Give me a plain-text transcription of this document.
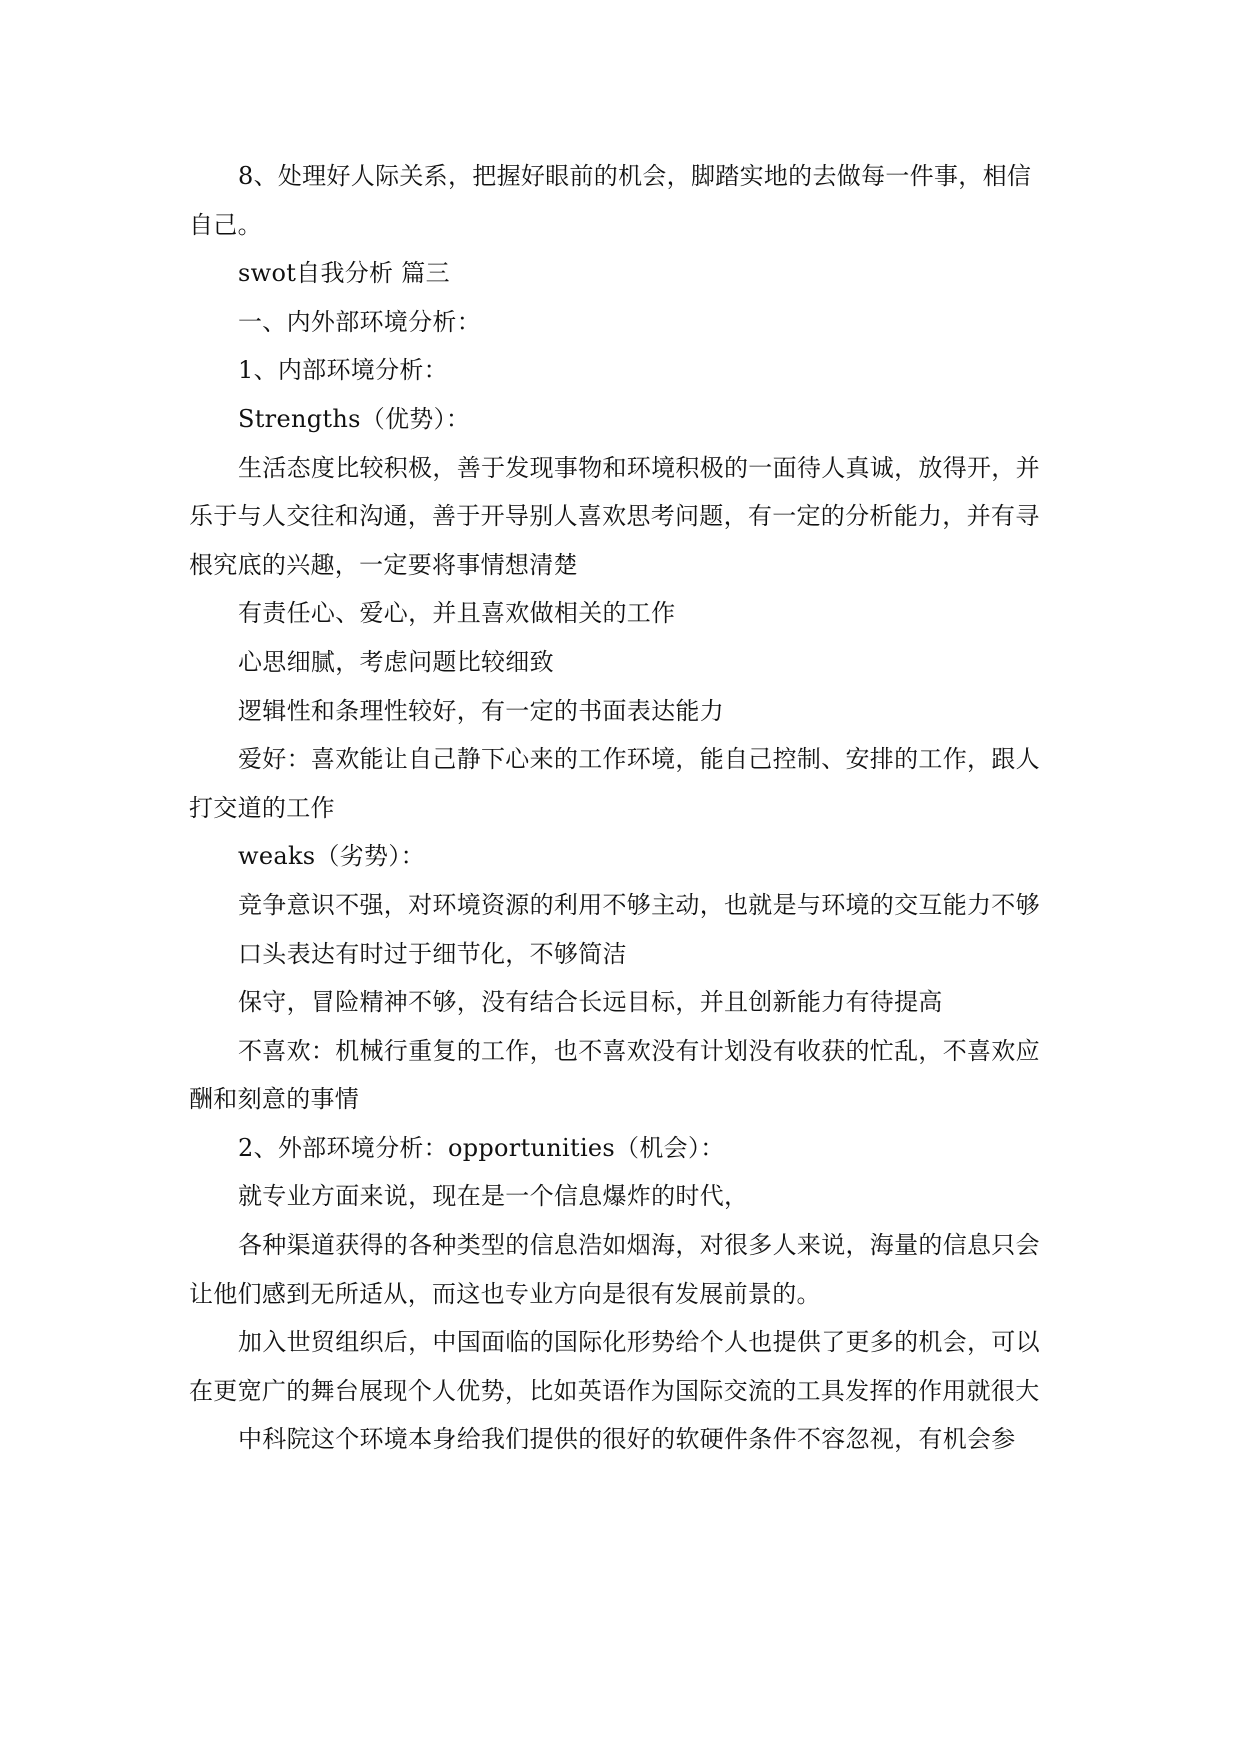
8、处理好人际关系，把握好眼前的机会，脚踏实地的去做每一件事，相信自己。

swot自我分析 篇三

一、内外部环境分析：

1、内部环境分析：

Strengths（优势）：

生活态度比较积极，善于发现事物和环境积极的一面待人真诚，放得开，并乐于与人交往和沟通，善于开导别人喜欢思考问题，有一定的分析能力，并有寻根究底的兴趣，一定要将事情想清楚

有责任心、爱心，并且喜欢做相关的工作

心思细腻，考虑问题比较细致

逻辑性和条理性较好，有一定的书面表达能力

爱好：喜欢能让自己静下心来的工作环境，能自己控制、安排的工作，跟人打交道的工作

weaks（劣势）：

竞争意识不强，对环境资源的利用不够主动，也就是与环境的交互能力不够

口头表达有时过于细节化，不够简洁

保守，冒险精神不够，没有结合长远目标，并且创新能力有待提高

不喜欢：机械行重复的工作，也不喜欢没有计划没有收获的忙乱，不喜欢应酬和刻意的事情

2、外部环境分析：opportunities（机会）：

就专业方面来说，现在是一个信息爆炸的时代，

各种渠道获得的各种类型的信息浩如烟海，对很多人来说，海量的信息只会让他们感到无所适从，而这也专业方向是很有发展前景的。

加入世贸组织后，中国面临的国际化形势给个人也提供了更多的机会，可以在更宽广的舞台展现个人优势，比如英语作为国际交流的工具发挥的作用就很大

中科院这个环境本身给我们提供的很好的软硬件条件不容忽视，有机会参
